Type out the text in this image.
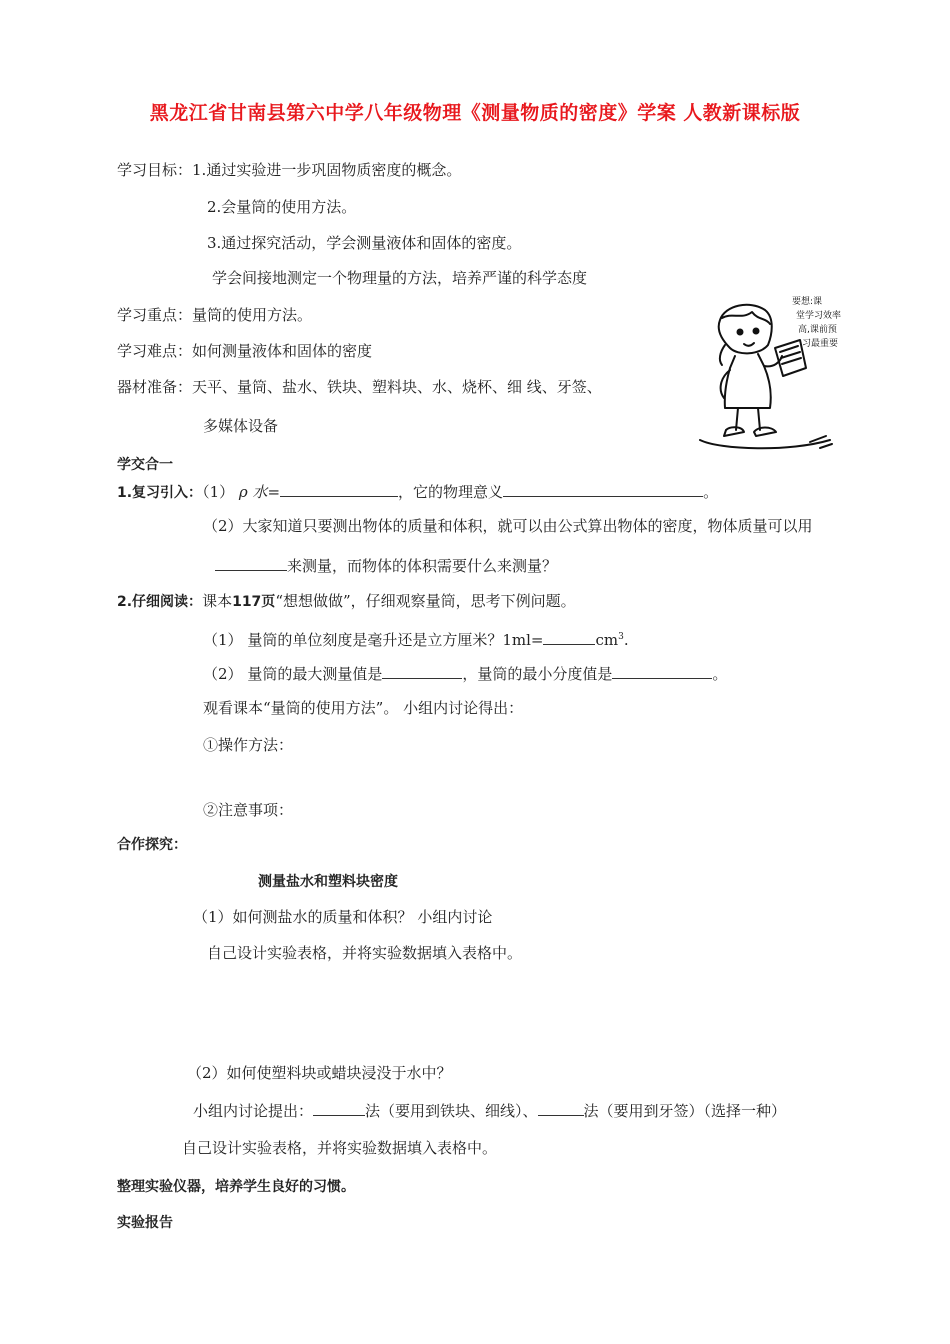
黑龙江省甘南县第六中学八年级物理《测量物质的密度》学案 人教新课标版
学习目标：1.通过实验进一步巩固物质密度的概念。
2.会量筒的使用方法。
3.通过探究活动，学会测量液体和固体的密度。
学会间接地测定一个物理量的方法，培养严谨的科学态度
学习重点：量筒的使用方法。
学习难点：如何测量液体和固体的密度
器材准备：天平、量筒、盐水、铁块、塑料块、水、烧杯、细 线、牙签、
多媒体设备
要想:课
堂学习效率
高,课前预
习最重要
学交合一
1.复习引入：（1） ρ 水=	，它的物理意义	。
（2）大家知道只要测出物体的质量和体积，就可以由公式算出物体的密度，物体质量可以用
来测量，而物体的体积需要什么来测量？
2.仔细阅读：课本117页“想想做做”，仔细观察量筒，思考下例问题。
（1） 量筒的单位刻度是毫升还是立方厘米？1ml=	$cm^3$.
（2） 量筒的最大测量值是	，量筒的最小分度值是	。
观看课本“量筒的使用方法”。 小组内讨论得出：
①操作方法：
②注意事项：
合作探究：
测量盐水和塑料块密度
（1）如何测盐水的质量和体积？ 小组内讨论
自己设计实验表格，并将实验数据填入表格中。
（2）如何使塑料块或蜡块浸没于水中？
小组内讨论提出：	法（要用到铁块、细线）、	法（要用到牙签）（选择一种）
自己设计实验表格，并将实验数据填入表格中。
整理实验仪器，培养学生良好的习惯。
实验报告
